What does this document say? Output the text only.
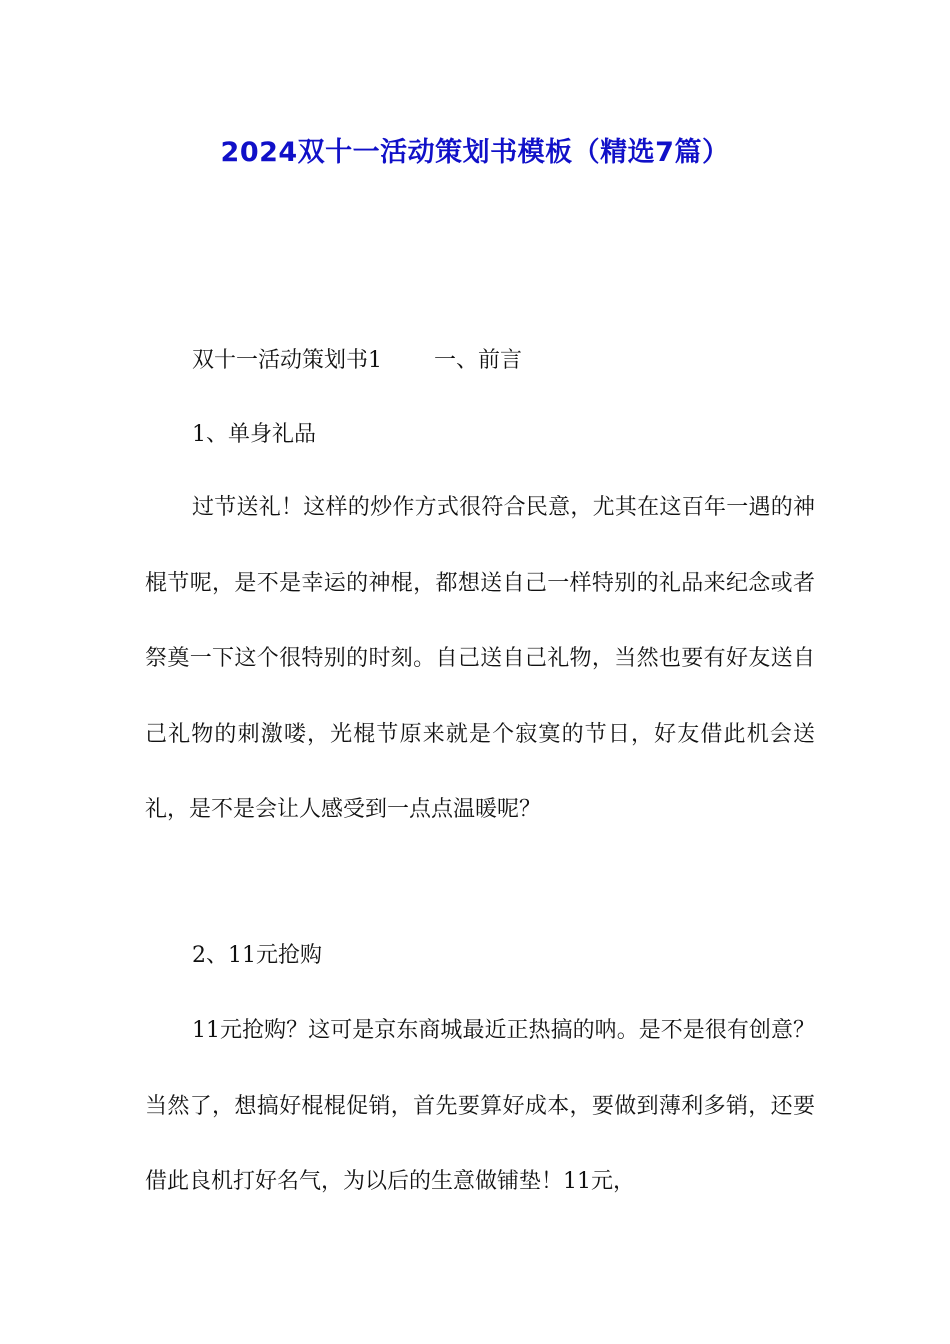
2024双十一活动策划书模板（精选7篇）

双十一活动策划书1 一、前言

1、单身礼品

过节送礼！这样的炒作方式很符合民意，尤其在这百年一遇的神棍节呢，是不是幸运的神棍，都想送自己一样特别的礼品来纪念或者祭奠一下这个很特别的时刻。自己送自己礼物，当然也要有好友送自己礼物的刺激喽，光棍节原来就是个寂寞的节日，好友借此机会送礼，是不是会让人感受到一点点温暖呢？

2、11元抢购

11元抢购？这可是京东商城最近正热搞的呐。是不是很有创意？当然了，想搞好棍棍促销，首先要算好成本，要做到薄利多销，还要借此良机打好名气，为以后的生意做铺垫！11元，
